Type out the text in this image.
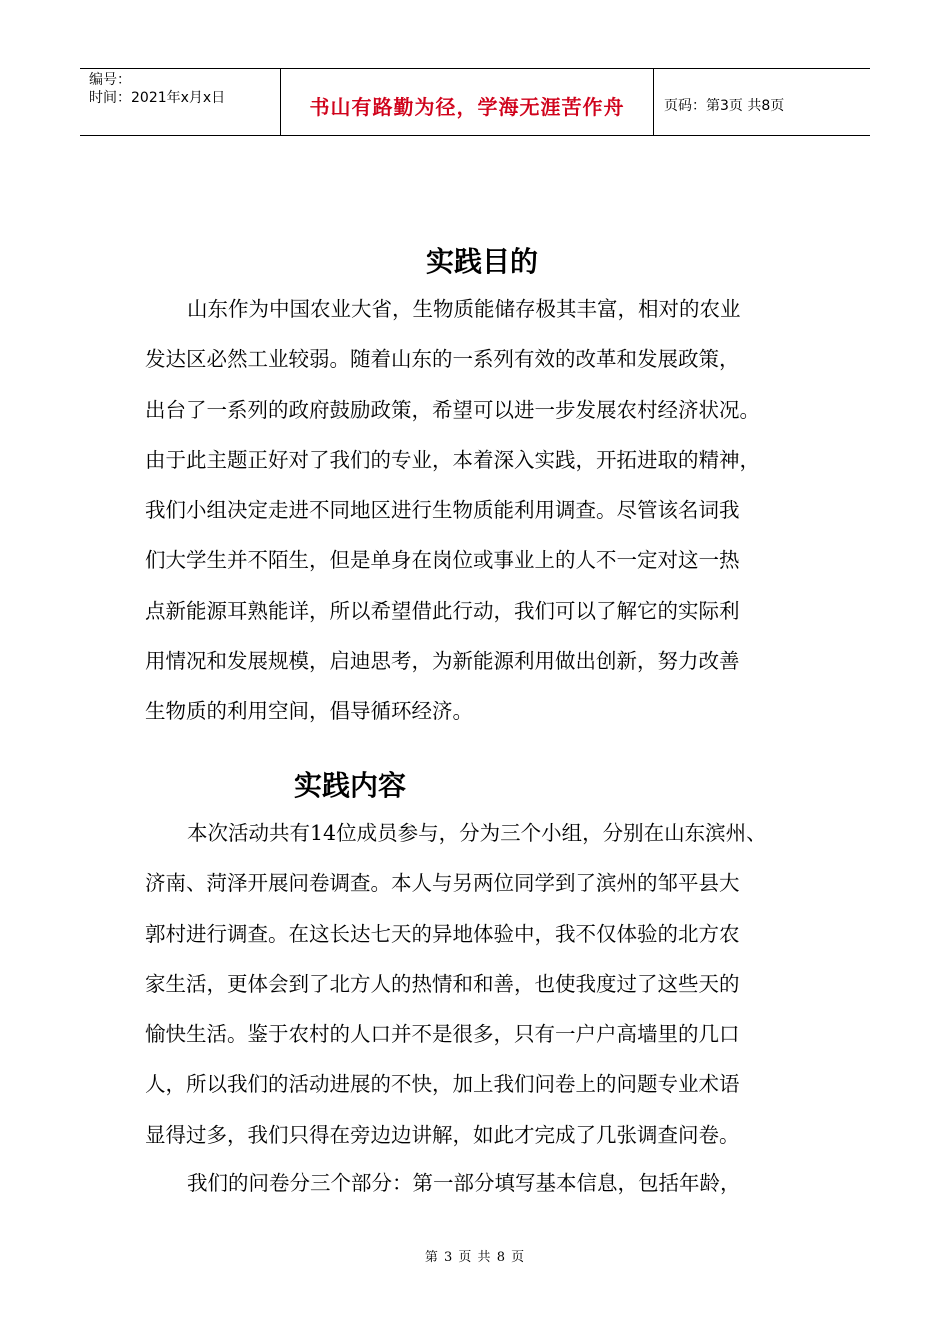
编号：
时间：2021年x月x日	书山有路勤为径，学海无涯苦作舟	页码：第3页 共8页
实践目的

山东作为中国农业大省，生物质能储存极其丰富，相对的农业
发达区必然工业较弱。随着山东的一系列有效的改革和发展政策，
出台了一系列的政府鼓励政策，希望可以进一步发展农村经济状况。
由于此主题正好对了我们的专业，本着深入实践，开拓进取的精神，
我们小组决定走进不同地区进行生物质能利用调查。尽管该名词我
们大学生并不陌生，但是单身在岗位或事业上的人不一定对这一热
点新能源耳熟能详，所以希望借此行动，我们可以了解它的实际利
用情况和发展规模，启迪思考，为新能源利用做出创新，努力改善
生物质的利用空间，倡导循环经济。

实践内容

本次活动共有14位成员参与，分为三个小组，分别在山东滨州、
济南、菏泽开展问卷调查。本人与另两位同学到了滨州的邹平县大
郭村进行调查。在这长达七天的异地体验中，我不仅体验的北方农
家生活，更体会到了北方人的热情和和善，也使我度过了这些天的
愉快生活。鉴于农村的人口并不是很多，只有一户户高墙里的几口
人，所以我们的活动进展的不快，加上我们问卷上的问题专业术语
显得过多，我们只得在旁边边讲解，如此才完成了几张调查问卷。

我们的问卷分三个部分：第一部分填写基本信息，包括年龄，

第 3 页 共 8 页
